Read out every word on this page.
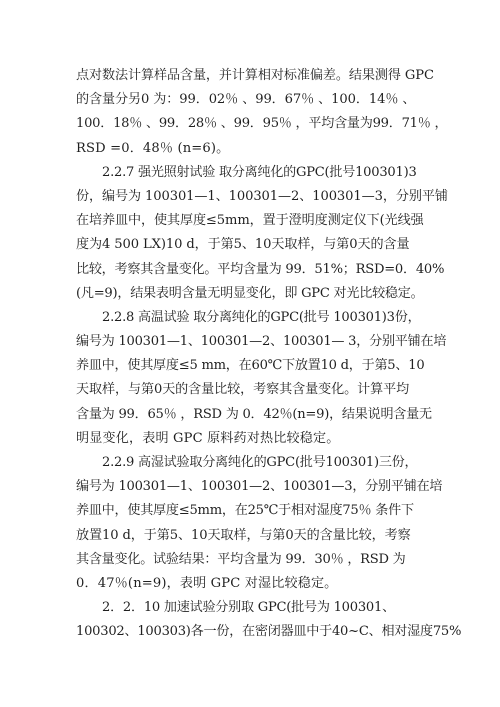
点对数法计算样品含量，并计算相对标准偏差。结果测得 GPC
的含量分另0 为：99．02％ 、99．67％ 、100．14％ 、
100．18％ 、99．28％ 、99．95％ ，平均含量为99．71％ ，
RSD =0．48％ (n=6)。
2.2.7 强光照射试验 取分离纯化的GPC(批号100301)3
份，编号为 100301—1、100301—2、100301—3，分别平铺
在培养皿中，使其厚度≤5mm，置于澄明度测定仪下(光线强
度为4 500 LX)10 d，于第5、10天取样，与第0天的含量
比较，考察其含量变化。平均含量为 99．51%；RSD=0．40%
(凡=9)，结果表明含量无明显变化，即 GPC 对光比较稳定。
2.2.8 高温试验 取分离纯化的GPC(批号 100301)3份，
编号为 100301—1、100301—2、100301— 3，分别平铺在培
养皿中，使其厚度≤5 mm，在60℃下放置10 d，于第5、10
天取样，与第0天的含量比较，考察其含量变化。计算平均
含量为 99．65％ ，RSD 为 0．42％(n=9)，结果说明含量无
明显变化，表明 GPC 原料药对热比较稳定。
2.2.9 高湿试验取分离纯化的GPC(批号100301)三份，
编号为 100301—1、100301—2、100301—3，分别平铺在培
养皿中，使其厚度≤5mm，在25℃于相对湿度75％ 条件下
放置10 d，于第5、10天取样，与第0天的含量比较，考察
其含量变化。试验结果：平均含量为 99．30％ ，RSD 为
0．47％(n=9)，表明 GPC 对湿比较稳定。
2．2．10 加速试验分别取 GPC(批号为 100301、
100302、100303)各一份，在密闭器皿中于40~C、相对湿度75%
